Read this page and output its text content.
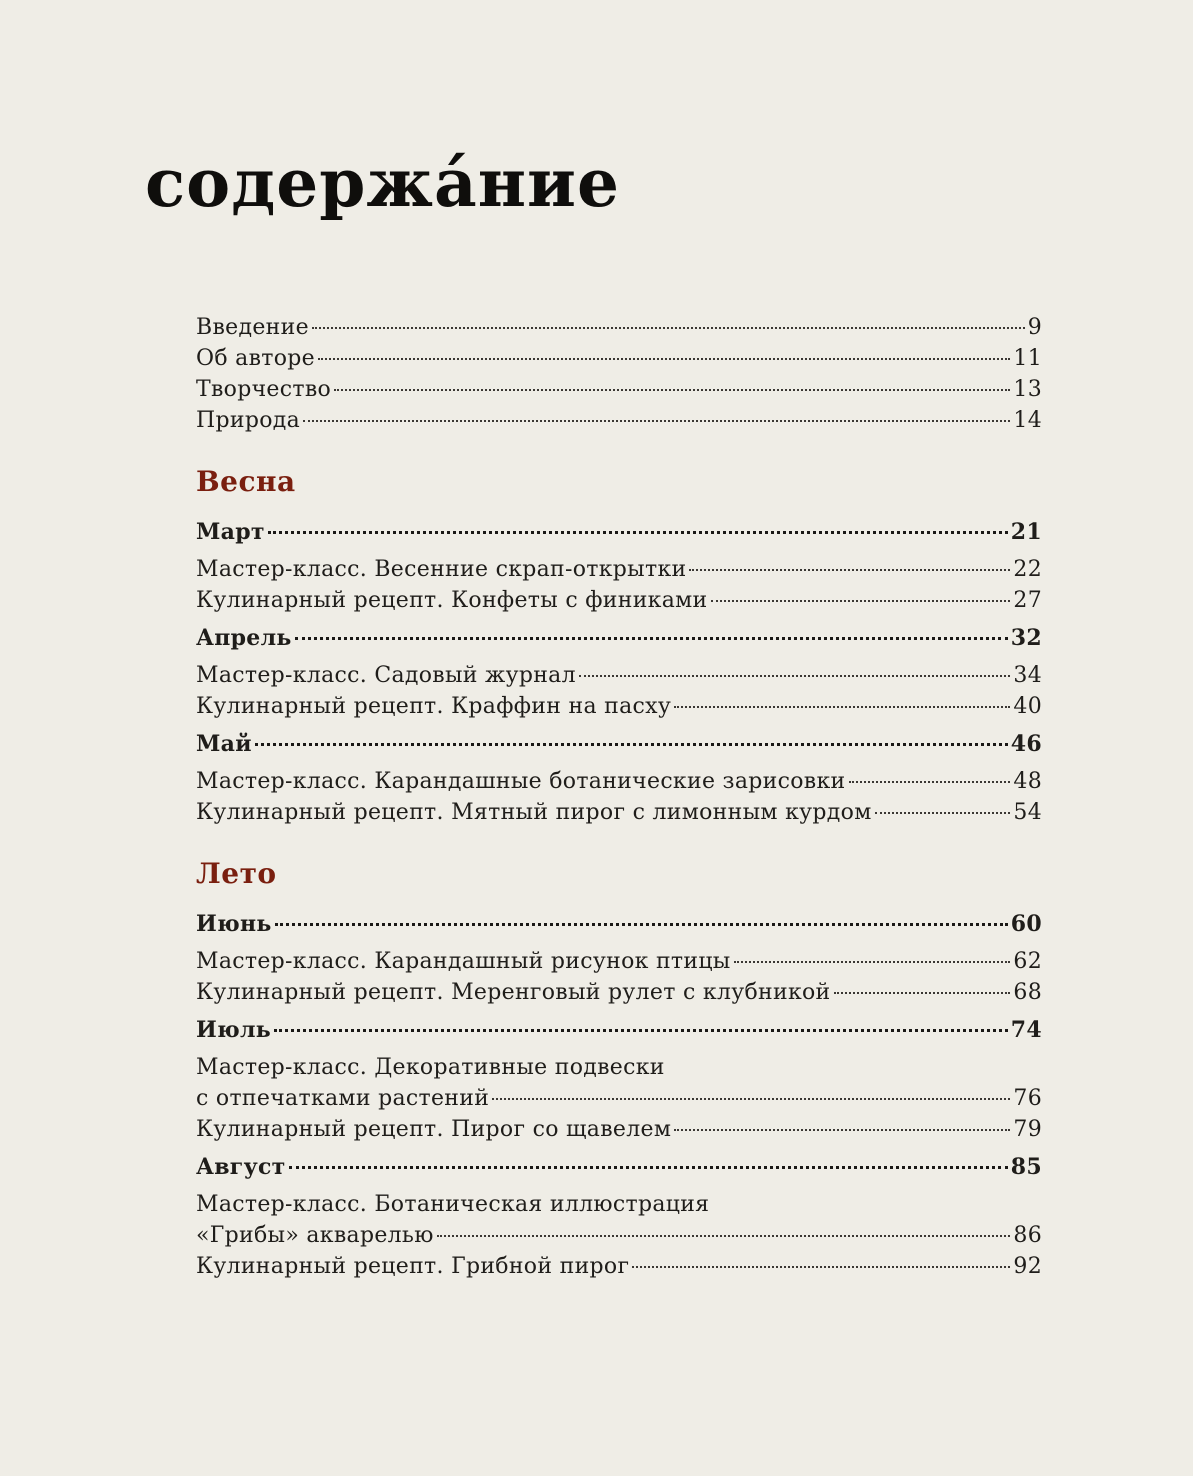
содержáние
Введение	9
Об авторе	11
Творчество	13
Природа	14
Весна
Март	21
Мастер-класс. Весенние скрап-открытки	22
Кулинарный рецепт. Конфеты с финиками	27
Апрель	32
Мастер-класс. Садовый журнал	34
Кулинарный рецепт. Краффин на пасху	40
Май	46
Мастер-класс. Карандашные ботанические зарисовки	48
Кулинарный рецепт. Мятный пирог с лимонным курдом	54
Лето
Июнь	60
Мастер-класс. Карандашный рисунок птицы	62
Кулинарный рецепт. Меренговый рулет с клубникой	68
Июль	74
Мастер-класс. Декоративные подвески
с отпечатками растений	76
Кулинарный рецепт. Пирог со щавелем	79
Август	85
Мастер-класс. Ботаническая иллюстрация
«Грибы» акварелью	86
Кулинарный рецепт. Грибной пирог	92
